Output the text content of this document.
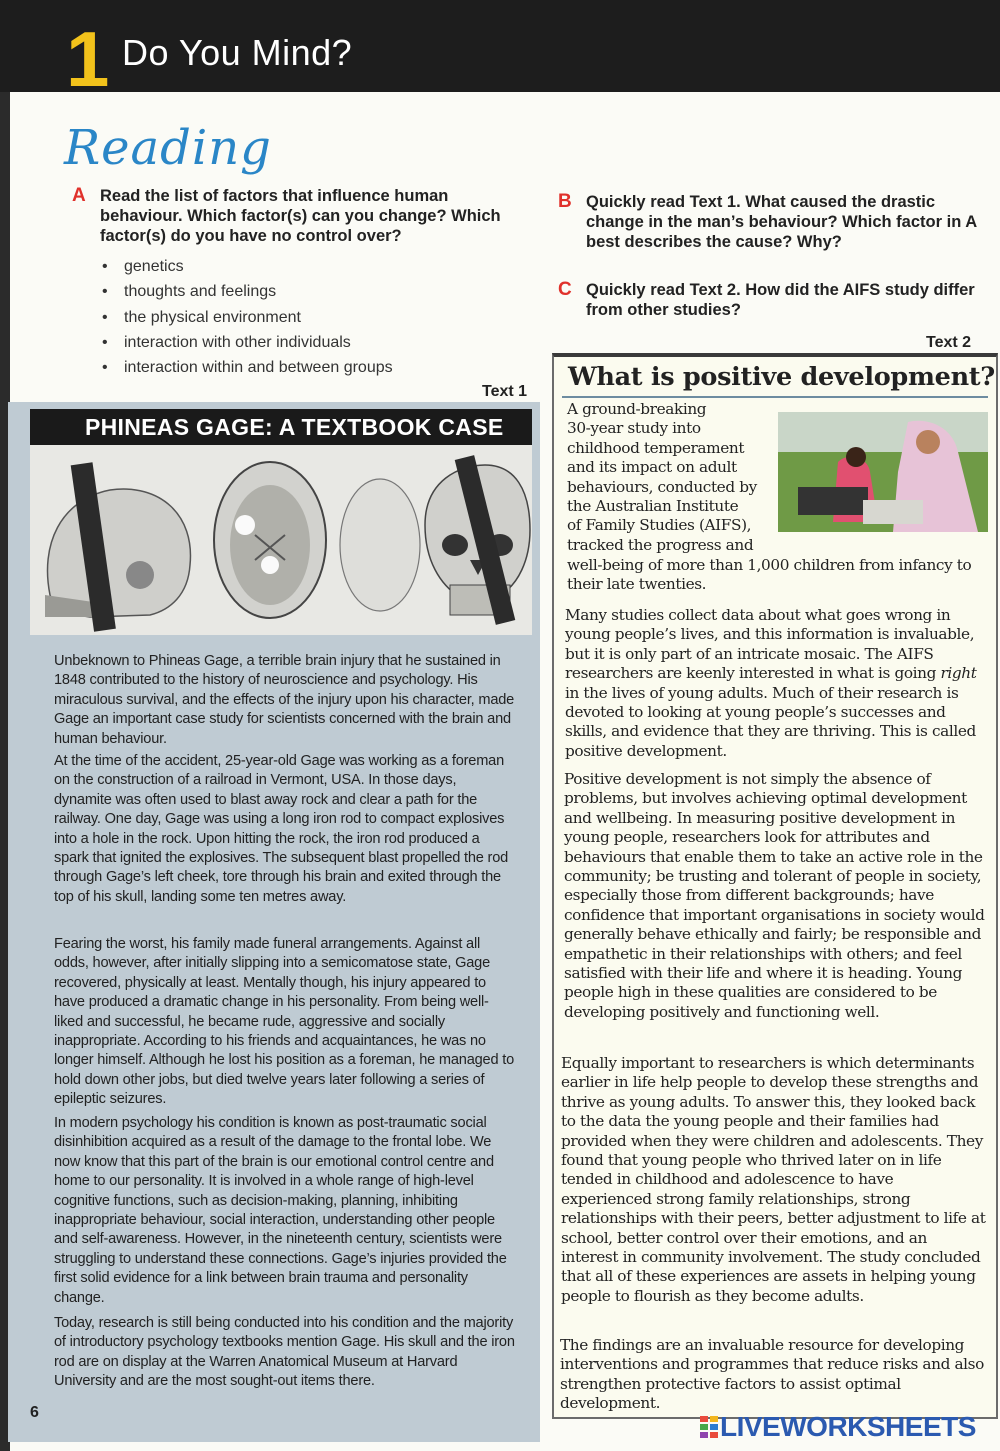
1 Do You Mind?
Reading
A Read the list of factors that influence human behaviour. Which factor(s) can you change? Which factor(s) do you have no control over?
• genetics
• thoughts and feelings
• the physical environment
• interaction with other individuals
• interaction within and between groups
B Quickly read Text 1. What caused the drastic change in the man’s behaviour? Which factor in A best describes the cause? Why?
C Quickly read Text 2. How did the AIFS study differ from other studies?
Text 2
Text 1
PHINEAS GAGE: A TEXTBOOK CASE
Unbeknown to Phineas Gage, a terrible brain injury that he sustained in 1848 contributed to the history of neuroscience and psychology. His miraculous survival, and the effects of the injury upon his character, made Gage an important case study for scientists concerned with the brain and human behaviour.
At the time of the accident, 25-year-old Gage was working as a foreman on the construction of a railroad in Vermont, USA. In those days, dynamite was often used to blast away rock and clear a path for the railway. One day, Gage was using a long iron rod to compact explosives into a hole in the rock. Upon hitting the rock, the iron rod produced a spark that ignited the explosives. The subsequent blast propelled the rod through Gage’s left cheek, tore through his brain and exited through the top of his skull, landing some ten metres away.
Fearing the worst, his family made funeral arrangements. Against all odds, however, after initially slipping into a semicomatose state, Gage recovered, physically at least. Mentally though, his injury appeared to have produced a dramatic change in his personality. From being well-liked and successful, he became rude, aggressive and socially inappropriate. According to his friends and acquaintances, he was no longer himself. Although he lost his position as a foreman, he managed to hold down other jobs, but died twelve years later following a series of epileptic seizures.
In modern psychology his condition is known as post-traumatic social disinhibition acquired as a result of the damage to the frontal lobe. We now know that this part of the brain is our emotional control centre and home to our personality. It is involved in a whole range of high-level cognitive functions, such as decision-making, planning, inhibiting inappropriate behaviour, social interaction, understanding other people and self-awareness. However, in the nineteenth century, scientists were struggling to understand these connections. Gage’s injuries provided the first solid evidence for a link between brain trauma and personality change.
Today, research is still being conducted into his condition and the majority of introductory psychology textbooks mention Gage. His skull and the iron rod are on display at the Warren Anatomical Museum at Harvard University and are the most sought-out items there.
6
What is positive development?
A ground-breaking
30-year study into
childhood temperament
and its impact on adult
behaviours, conducted by
the Australian Institute
of Family Studies (AIFS),
tracked the progress and
well-being of more than 1,000 children from infancy to their late twenties.
Many studies collect data about what goes wrong in young people’s lives, and this information is invaluable, but it is only part of an intricate mosaic. The AIFS researchers are keenly interested in what is going right in the lives of young adults. Much of their research is devoted to looking at young people’s successes and skills, and evidence that they are thriving. This is called positive development.
Positive development is not simply the absence of problems, but involves achieving optimal development and wellbeing. In measuring positive development in young people, researchers look for attributes and behaviours that enable them to take an active role in the community; be trusting and tolerant of people in society, especially those from different backgrounds; have confidence that important organisations in society would generally behave ethically and fairly; be responsible and empathetic in their relationships with others; and feel satisfied with their life and where it is heading. Young people high in these qualities are considered to be developing positively and functioning well.
Equally important to researchers is which determinants earlier in life help people to develop these strengths and thrive as young adults. To answer this, they looked back to the data the young people and their families had provided when they were children and adolescents. They found that young people who thrived later on in life tended in childhood and adolescence to have experienced strong family relationships, strong relationships with their peers, better adjustment to life at school, better control over their emotions, and an interest in community involvement. The study concluded that all of these experiences are assets in helping young people to flourish as they become adults.
The findings are an invaluable resource for developing interventions and programmes that reduce risks and also strengthen protective factors to assist optimal development.
LIVEWORKSHEETS
